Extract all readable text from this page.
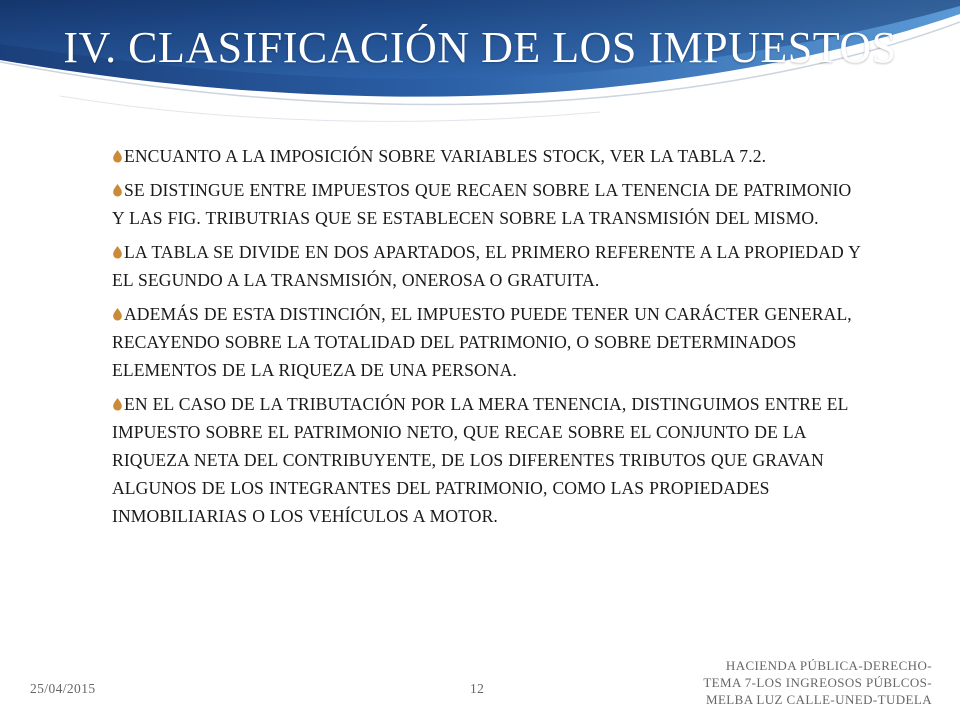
IV. CLASIFICACIÓN DE LOS IMPUESTOS

ENCUANTO A LA IMPOSICIÓN SOBRE VARIABLES STOCK, VER LA TABLA 7.2.

SE DISTINGUE ENTRE IMPUESTOS QUE RECAEN SOBRE LA TENENCIA DE PATRIMONIO Y LAS FIG. TRIBUTRIAS QUE SE ESTABLECEN SOBRE LA TRANSMISIÓN DEL MISMO.

LA TABLA SE DIVIDE EN DOS APARTADOS, EL PRIMERO REFERENTE A LA PROPIEDAD Y EL SEGUNDO A LA TRANSMISIÓN, ONEROSA O GRATUITA.

ADEMÁS DE ESTA DISTINCIÓN, EL IMPUESTO PUEDE TENER UN CARÁCTER GENERAL, RECAYENDO SOBRE LA TOTALIDAD DEL PATRIMONIO, O SOBRE DETERMINADOS ELEMENTOS DE LA RIQUEZA DE UNA PERSONA.

EN EL CASO DE LA TRIBUTACIÓN POR LA MERA TENENCIA, DISTINGUIMOS ENTRE EL IMPUESTO SOBRE EL PATRIMONIO NETO, QUE RECAE SOBRE EL CONJUNTO DE LA RIQUEZA NETA DEL CONTRIBUYENTE, DE LOS DIFERENTES TRIBUTOS QUE GRAVAN ALGUNOS DE LOS INTEGRANTES DEL PATRIMONIO, COMO LAS PROPIEDADES INMOBILIARIAS O LOS VEHÍCULOS A MOTOR.

25/04/2015	12
HACIENDA PÚBLICA-DERECHO-
TEMA 7-LOS INGREOSOS PÚBLCOS-
MELBA LUZ CALLE-UNED-TUDELA
